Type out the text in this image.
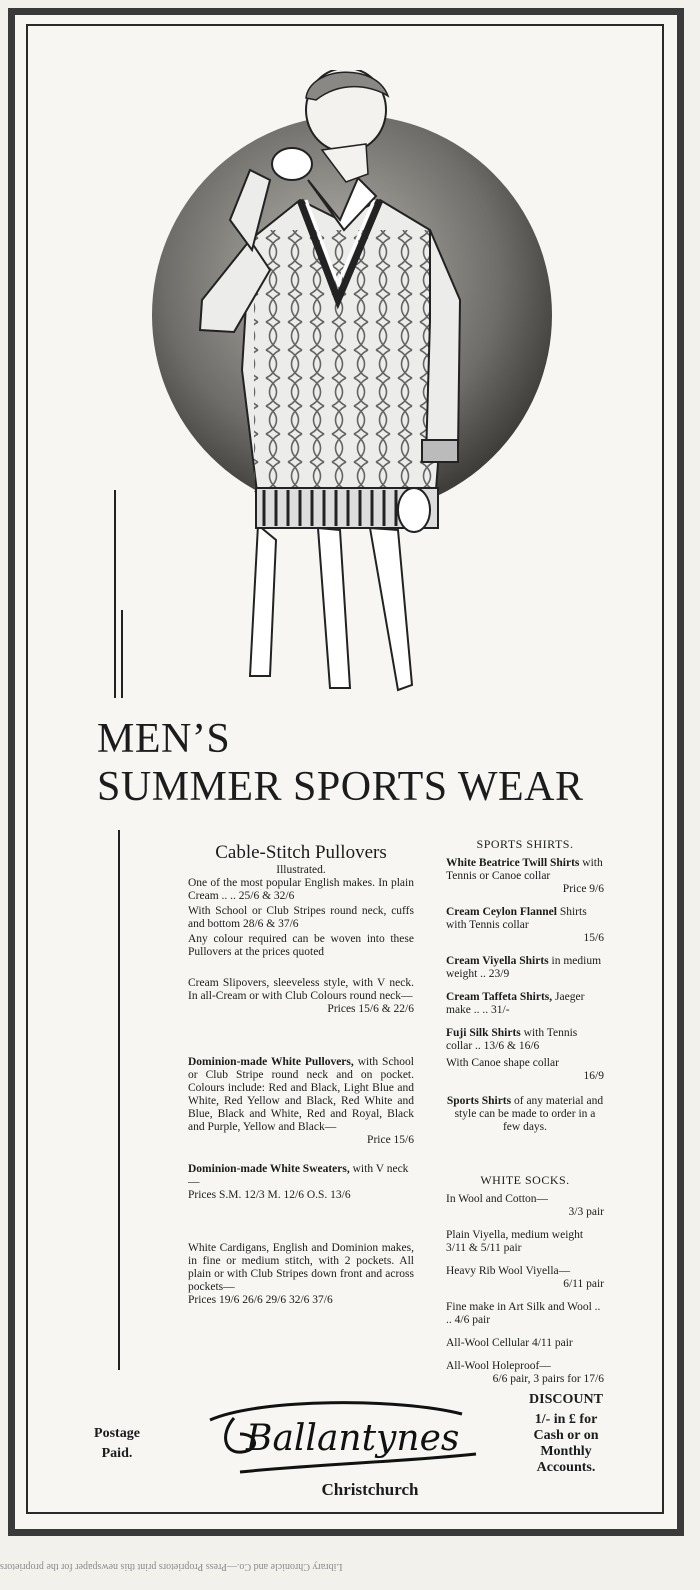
MEN’S
SUMMER SPORTS WEAR
Cable-Stitch Pullovers

Illustrated.

One of the most popular English makes. In plain Cream .. .. 25/6 & 32/6

With School or Club Stripes round neck, cuffs and bottom 28/6 & 37/6

Any colour required can be woven into these Pullovers at the prices quoted

Cream Slipovers, sleeveless style, with V neck. In all-Cream or with Club Colours round neck—

Prices 15/6 & 22/6

Dominion-made White Pullovers, with School or Club Stripe round neck and on pocket. Colours include: Red and Black, Light Blue and White, Red Yellow and Black, Red White and Blue, Black and White, Red and Royal, Black and Purple, Yellow and Black—

Price 15/6

Dominion-made White Sweaters, with V neck—

Prices S.M. 12/3 M. 12/6 O.S. 13/6

White Cardigans, English and Dominion makes, in fine or medium stitch, with 2 pockets. All plain or with Club Stripes down front and across pockets—

Prices 19/6 26/6 29/6 32/6 37/6

SPORTS SHIRTS.

White Beatrice Twill Shirts with Tennis or Canoe collar

Price 9/6

Cream Ceylon Flannel Shirts with Tennis collar

15/6

Cream Viyella Shirts in medium weight .. 23/9

Cream Taffeta Shirts, Jaeger make .. .. 31/-

Fuji Silk Shirts with Tennis collar .. 13/6 & 16/6

With Canoe shape collar

16/9

Sports Shirts of any material and style can be made to order in a few days.

WHITE SOCKS.

In Wool and Cotton—

3/3 pair

Plain Viyella, medium weight 3/11 & 5/11 pair

Heavy Rib Wool Viyella—

6/11 pair

Fine make in Art Silk and Wool .. .. 4/6 pair

All-Wool Cellular 4/11 pair

All-Wool Holeproof—

6/6 pair, 3 pairs for 17/6

Postage
Paid.	Ballantynes
Christchurch
DISCOUNT
1/- in £ for
Cash or on
Monthly
Accounts.
Library Chronicle and Co.—Press Proprietors print this newspaper for the proprietors
